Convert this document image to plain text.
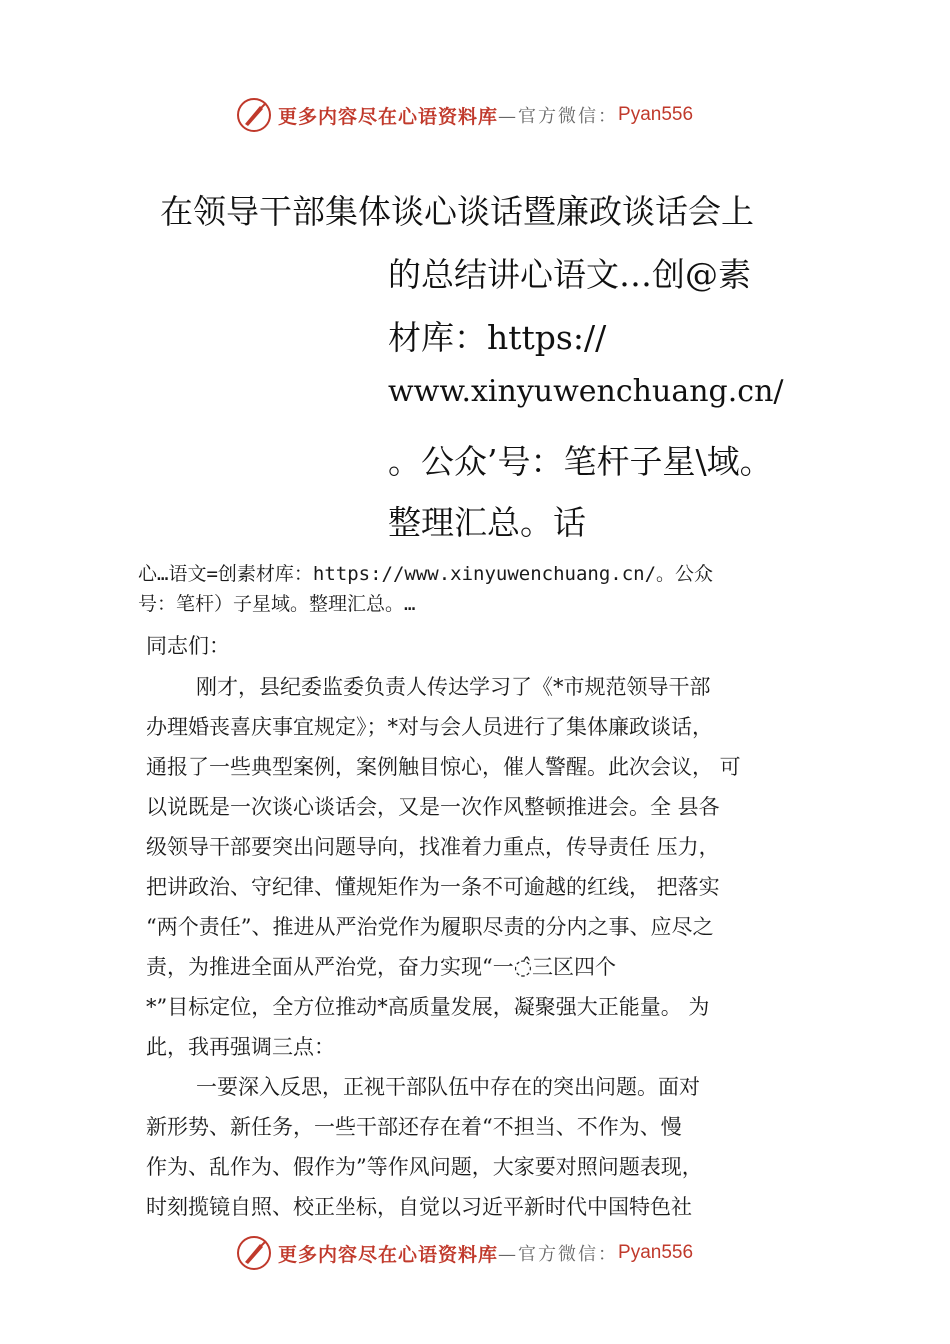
更多内容尽在心语资料库 —官方微信： Pyan556
在领导干部集体谈心谈话暨廉政谈话会上
的总结讲心语文…创@素
材库：https://
www.xinyuwenchuang.cn/
。公众’号：笔杆子星\域。
整理汇总。话
心…语文=创素材库：https://www.xinyuwenchuang.cn/。公众
号：笔杆）子星域。整理汇总。…
同志们：
刚才，县纪委监委负责人传达学习了《*市规范领导干部
办理婚丧喜庆事宜规定》；*对与会人员进行了集体廉政谈话，
通报了一些典型案例，案例触目惊心，催人警醒。此次会议， 可
以说既是一次谈心谈话会，又是一次作风整顿推进会。全 县各
级领导干部要突出问题导向，找准着力重点，传导责任 压力，
把讲政治、守纪律、懂规矩作为一条不可逾越的红线， 把落实
“两个责任”、推进从严治党作为履职尽责的分内之事、应尽之
责，为推进全面从严治党，奋力实现“一◌̂三区四个
*”目标定位，全方位推动*高质量发展，凝聚强大正能量。 为
此，我再强调三点：
一要深入反思，正视干部队伍中存在的突出问题。面对
新形势、新任务，一些干部还存在着“不担当、不作为、慢
作为、乱作为、假作为”等作风问题，大家要对照问题表现，
时刻揽镜自照、校正坐标，自觉以习近平新时代中国特色社
更多内容尽在心语资料库 —官方微信： Pyan556
